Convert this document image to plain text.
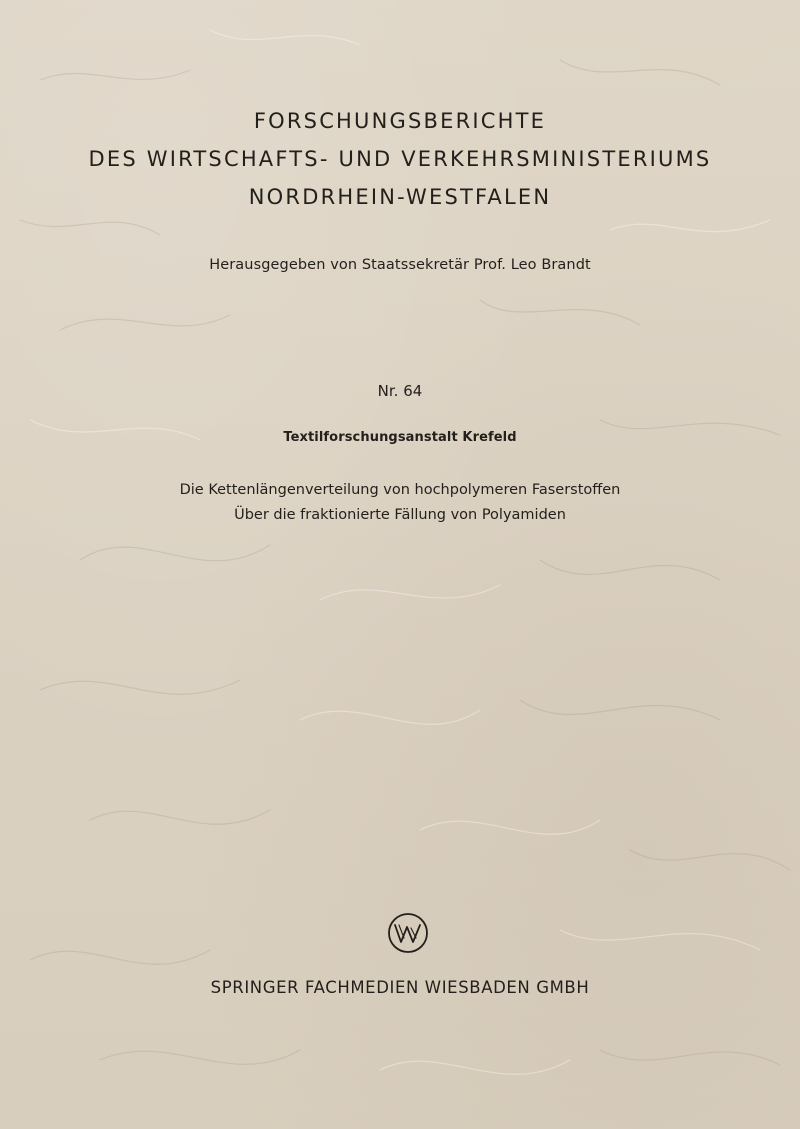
FORSCHUNGSBERICHTE
DES WIRTSCHAFTS- UND VERKEHRSMINISTERIUMS
NORDRHEIN-WESTFALEN
Herausgegeben von Staatssekretär Prof. Leo Brandt
Nr. 64
Textilforschungsanstalt Krefeld
Die Kettenlängenverteilung von hochpolymeren Faserstoffen
Über die fraktionierte Fällung von Polyamiden
SPRINGER FACHMEDIEN WIESBADEN GMBH
